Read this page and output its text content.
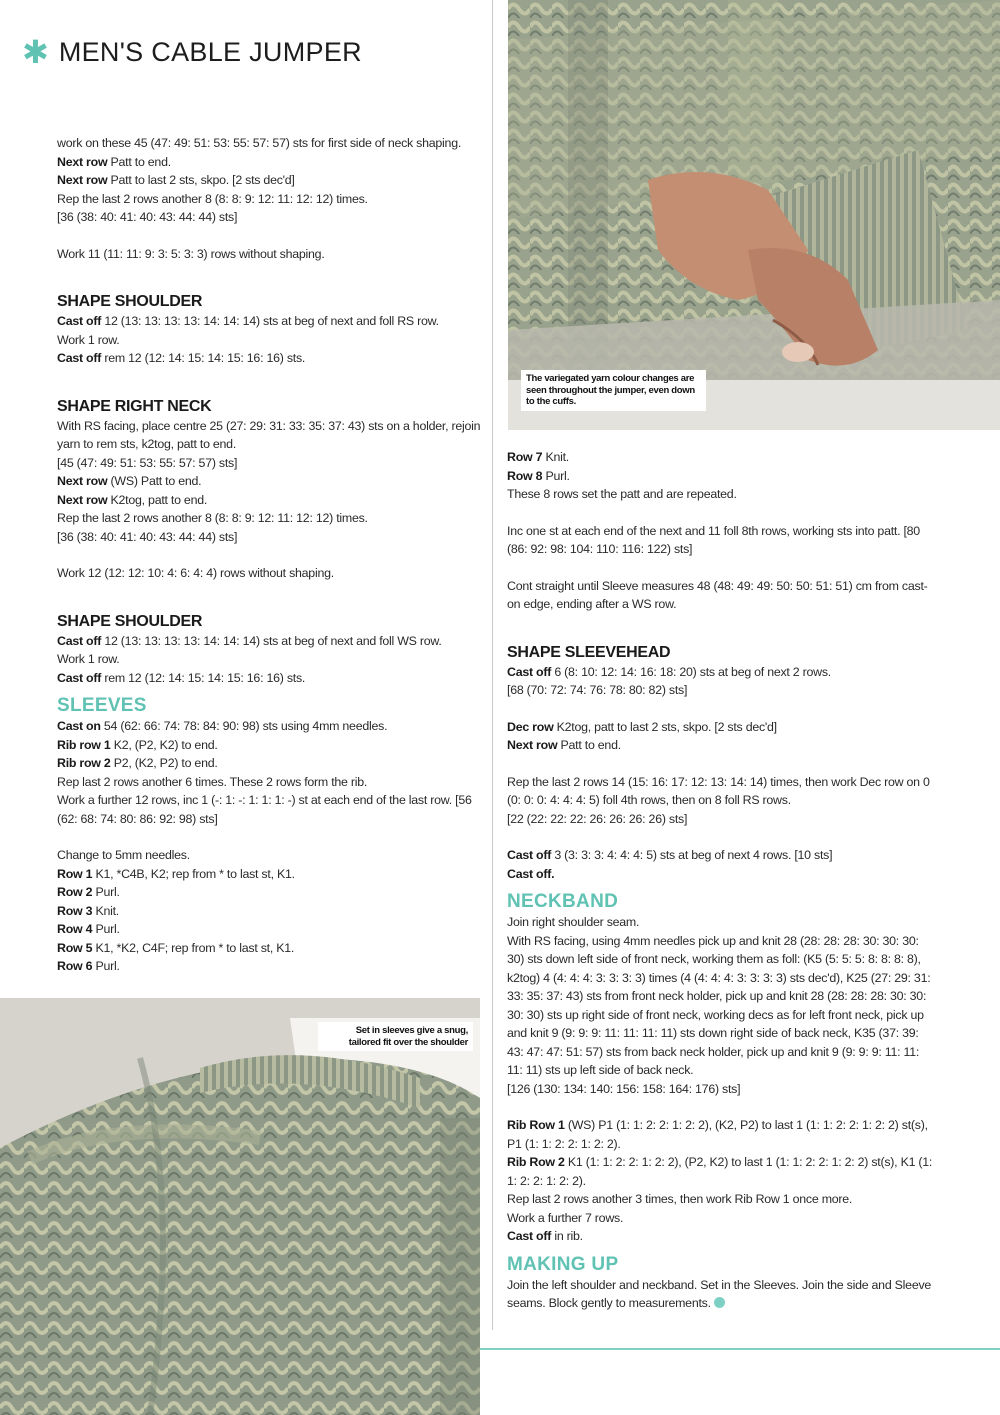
✱ MEN'S CABLE JUMPER
The variegated yarn colour changes are seen throughout the jumper, even down to the cuffs.
Set in sleeves give a snug, tailored fit over the shoulder

work on these 45 (47: 49: 51: 53: 55: 57: 57) sts for first side of neck shaping.

Next row Patt to end.

Next row Patt to last 2 sts, skpo. [2 sts dec'd]

Rep the last 2 rows another 8 (8: 8: 9: 12: 11: 12: 12) times.

[36 (38: 40: 41: 40: 43: 44: 44) sts]

Work 11 (11: 11: 9: 3: 5: 3: 3) rows without shaping.

SHAPE SHOULDER

Cast off 12 (13: 13: 13: 13: 14: 14: 14) sts at beg of next and foll RS row.

Work 1 row.

Cast off rem 12 (12: 14: 15: 14: 15: 16: 16) sts.

SHAPE RIGHT NECK

With RS facing, place centre 25 (27: 29: 31: 33: 35: 37: 43) sts on a holder, rejoin yarn to rem sts, k2tog, patt to end.

[45 (47: 49: 51: 53: 55: 57: 57) sts]

Next row (WS) Patt to end.

Next row K2tog, patt to end.

Rep the last 2 rows another 8 (8: 8: 9: 12: 11: 12: 12) times.

[36 (38: 40: 41: 40: 43: 44: 44) sts]

Work 12 (12: 12: 10: 4: 6: 4: 4) rows without shaping.

SHAPE SHOULDER

Cast off 12 (13: 13: 13: 13: 14: 14: 14) sts at beg of next and foll WS row.

Work 1 row.

Cast off rem 12 (12: 14: 15: 14: 15: 16: 16) sts.

SLEEVES

Cast on 54 (62: 66: 74: 78: 84: 90: 98) sts using 4mm needles.

Rib row 1 K2, (P2, K2) to end.

Rib row 2 P2, (K2, P2) to end.

Rep last 2 rows another 6 times. These 2 rows form the rib.

Work a further 12 rows, inc 1 (-: 1: -: 1: 1: 1: -) st at each end of the last row. [56 (62: 68: 74: 80: 86: 92: 98) sts]

Change to 5mm needles.

Row 1 K1, *C4B, K2; rep from * to last st, K1.

Row 2 Purl.

Row 3 Knit.

Row 4 Purl.

Row 5 K1, *K2, C4F; rep from * to last st, K1.

Row 6 Purl.

Row 7 Knit.

Row 8 Purl.

These 8 rows set the patt and are repeated.

Inc one st at each end of the next and 11 foll 8th rows, working sts into patt. [80 (86: 92: 98: 104: 110: 116: 122) sts]

Cont straight until Sleeve measures 48 (48: 49: 49: 50: 50: 51: 51) cm from cast-on edge, ending after a WS row.

SHAPE SLEEVEHEAD

Cast off 6 (8: 10: 12: 14: 16: 18: 20) sts at beg of next 2 rows.

[68 (70: 72: 74: 76: 78: 80: 82) sts]

Dec row K2tog, patt to last 2 sts, skpo. [2 sts dec'd]

Next row Patt to end.

Rep the last 2 rows 14 (15: 16: 17: 12: 13: 14: 14) times, then work Dec row on 0 (0: 0: 0: 4: 4: 4: 5) foll 4th rows, then on 8 foll RS rows.

[22 (22: 22: 22: 26: 26: 26: 26) sts]

Cast off 3 (3: 3: 3: 4: 4: 4: 5) sts at beg of next 4 rows. [10 sts]

Cast off.

NECKBAND

Join right shoulder seam.

With RS facing, using 4mm needles pick up and knit 28 (28: 28: 28: 30: 30: 30: 30) sts down left side of front neck, working them as foll: (K5 (5: 5: 5: 8: 8: 8: 8), k2tog) 4 (4: 4: 4: 3: 3: 3: 3) times (4 (4: 4: 4: 3: 3: 3: 3) sts dec'd), K25 (27: 29: 31: 33: 35: 37: 43) sts from front neck holder, pick up and knit 28 (28: 28: 28: 30: 30: 30: 30) sts up right side of front neck, working decs as for left front neck, pick up and knit 9 (9: 9: 9: 11: 11: 11: 11) sts down right side of back neck, K35 (37: 39: 43: 47: 47: 51: 57) sts from back neck holder, pick up and knit 9 (9: 9: 9: 11: 11: 11: 11) sts up left side of back neck.

[126 (130: 134: 140: 156: 158: 164: 176) sts]

Rib Row 1 (WS) P1 (1: 1: 2: 2: 1: 2: 2), (K2, P2) to last 1 (1: 1: 2: 2: 1: 2: 2) st(s), P1 (1: 1: 2: 2: 1: 2: 2).

Rib Row 2 K1 (1: 1: 2: 2: 1: 2: 2), (P2, K2) to last 1 (1: 1: 2: 2: 1: 2: 2) st(s), K1 (1: 1: 2: 2: 1: 2: 2).

Rep last 2 rows another 3 times, then work Rib Row 1 once more.

Work a further 7 rows.

Cast off in rib.

MAKING UP

Join the left shoulder and neckband. Set in the Sleeves. Join the side and Sleeve seams. Block gently to measurements.
